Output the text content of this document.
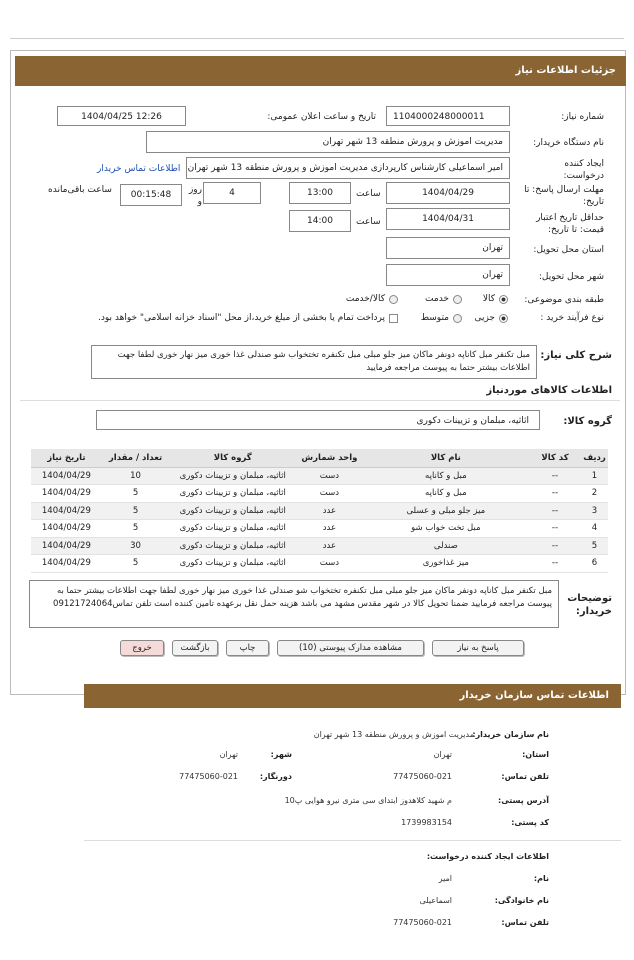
جزئیات اطلاعات نیاز
شماره نیاز:
1104000248000011
تاریخ و ساعت اعلان عمومی:
1404/04/25 12:26
نام دستگاه خریدار:
مدیریت اموزش و پرورش منطقه 13 شهر تهران
ایجاد کننده درخواست:
امیر اسماعیلی کارشناس کارپردازی مدیریت اموزش و پرورش منطقه 13 شهر تهران
اطلاعات تماس خریدار
مهلت ارسال پاسخ: تا تاریخ:
1404/04/29
ساعت
13:00
4
روز و
00:15:48
ساعت باقی‌مانده
حداقل تاریخ اعتبار قیمت: تا تاریخ:
1404/04/31
ساعت
14:00
استان محل تحویل:
تهران
شهر محل تحویل:
تهران
طبقه بندی موضوعی:
کالا
خدمت
کالا/خدمت
نوع فرآیند خرید :
جزیی
متوسط
پرداخت تمام یا بخشی از مبلغ خرید،از محل "اسناد خزانه اسلامی" خواهد بود.
شرح کلی نیاز:
مبل تکنفر مبل کاناپه دونفر ماکان میز جلو مبلی مبل تکنفره تختخواب شو صندلی غذا خوری میز نهار خوری لطفا جهت اطلاعات بیشتر حتما به پیوست مراجعه فرمایید
اطلاعات کالاهای موردنیاز
گروه کالا:
اثاثیه، مبلمان و تزیینات دکوری
ردیف	کد کالا	نام کالا	واحد شمارش	گروه کالا	تعداد / مقدار	تاریخ نیاز
1	--	مبل و کاناپه	دست	اثاثیه، مبلمان و تزیینات دکوری	10	1404/04/29
2	--	مبل و کاناپه	دست	اثاثیه، مبلمان و تزیینات دکوری	5	1404/04/29
3	--	میز جلو مبلی و عسلی	عدد	اثاثیه، مبلمان و تزیینات دکوری	5	1404/04/29
4	--	مبل تخت خواب شو	عدد	اثاثیه، مبلمان و تزیینات دکوری	5	1404/04/29
5	--	صندلی	عدد	اثاثیه، مبلمان و تزیینات دکوری	30	1404/04/29
6	--	میز غذاخوری	دست	اثاثیه، مبلمان و تزیینات دکوری	5	1404/04/29
توضیحات خریدار:
مبل تکنفر مبل کاناپه دونفر ماکان میز جلو مبلی مبل تکنفره تختخواب شو صندلی غذا خوری میز نهار خوری لطفا جهت اطلاعات بیشتر حتما به پیوست مراجعه فرمایید ضمنا تحویل کالا در شهر مقدس مشهد می باشد هزینه حمل نقل برعهده تامین کننده است تلفن تماس09121724064
پاسخ به نیاز
مشاهده مدارک پیوستی (10)
چاپ
بازگشت
خروج
اطلاعات تماس سازمان خریدار
نام سازمان خریدار:
مدیریت اموزش و پرورش منطقه 13 شهر تهران
استان:
تهران
شهر:
تهران
تلفن تماس:
77475060-021
دورنگار:
77475060-021
آدرس پستی:
م شهید کلاهدوز ابتدای سی متری نیرو هوایی پ10
کد پستی:
1739983154
اطلاعات ایجاد کننده درخواست:
نام:
امیر
نام خانوادگی:
اسماعیلی
تلفن تماس:
77475060-021
